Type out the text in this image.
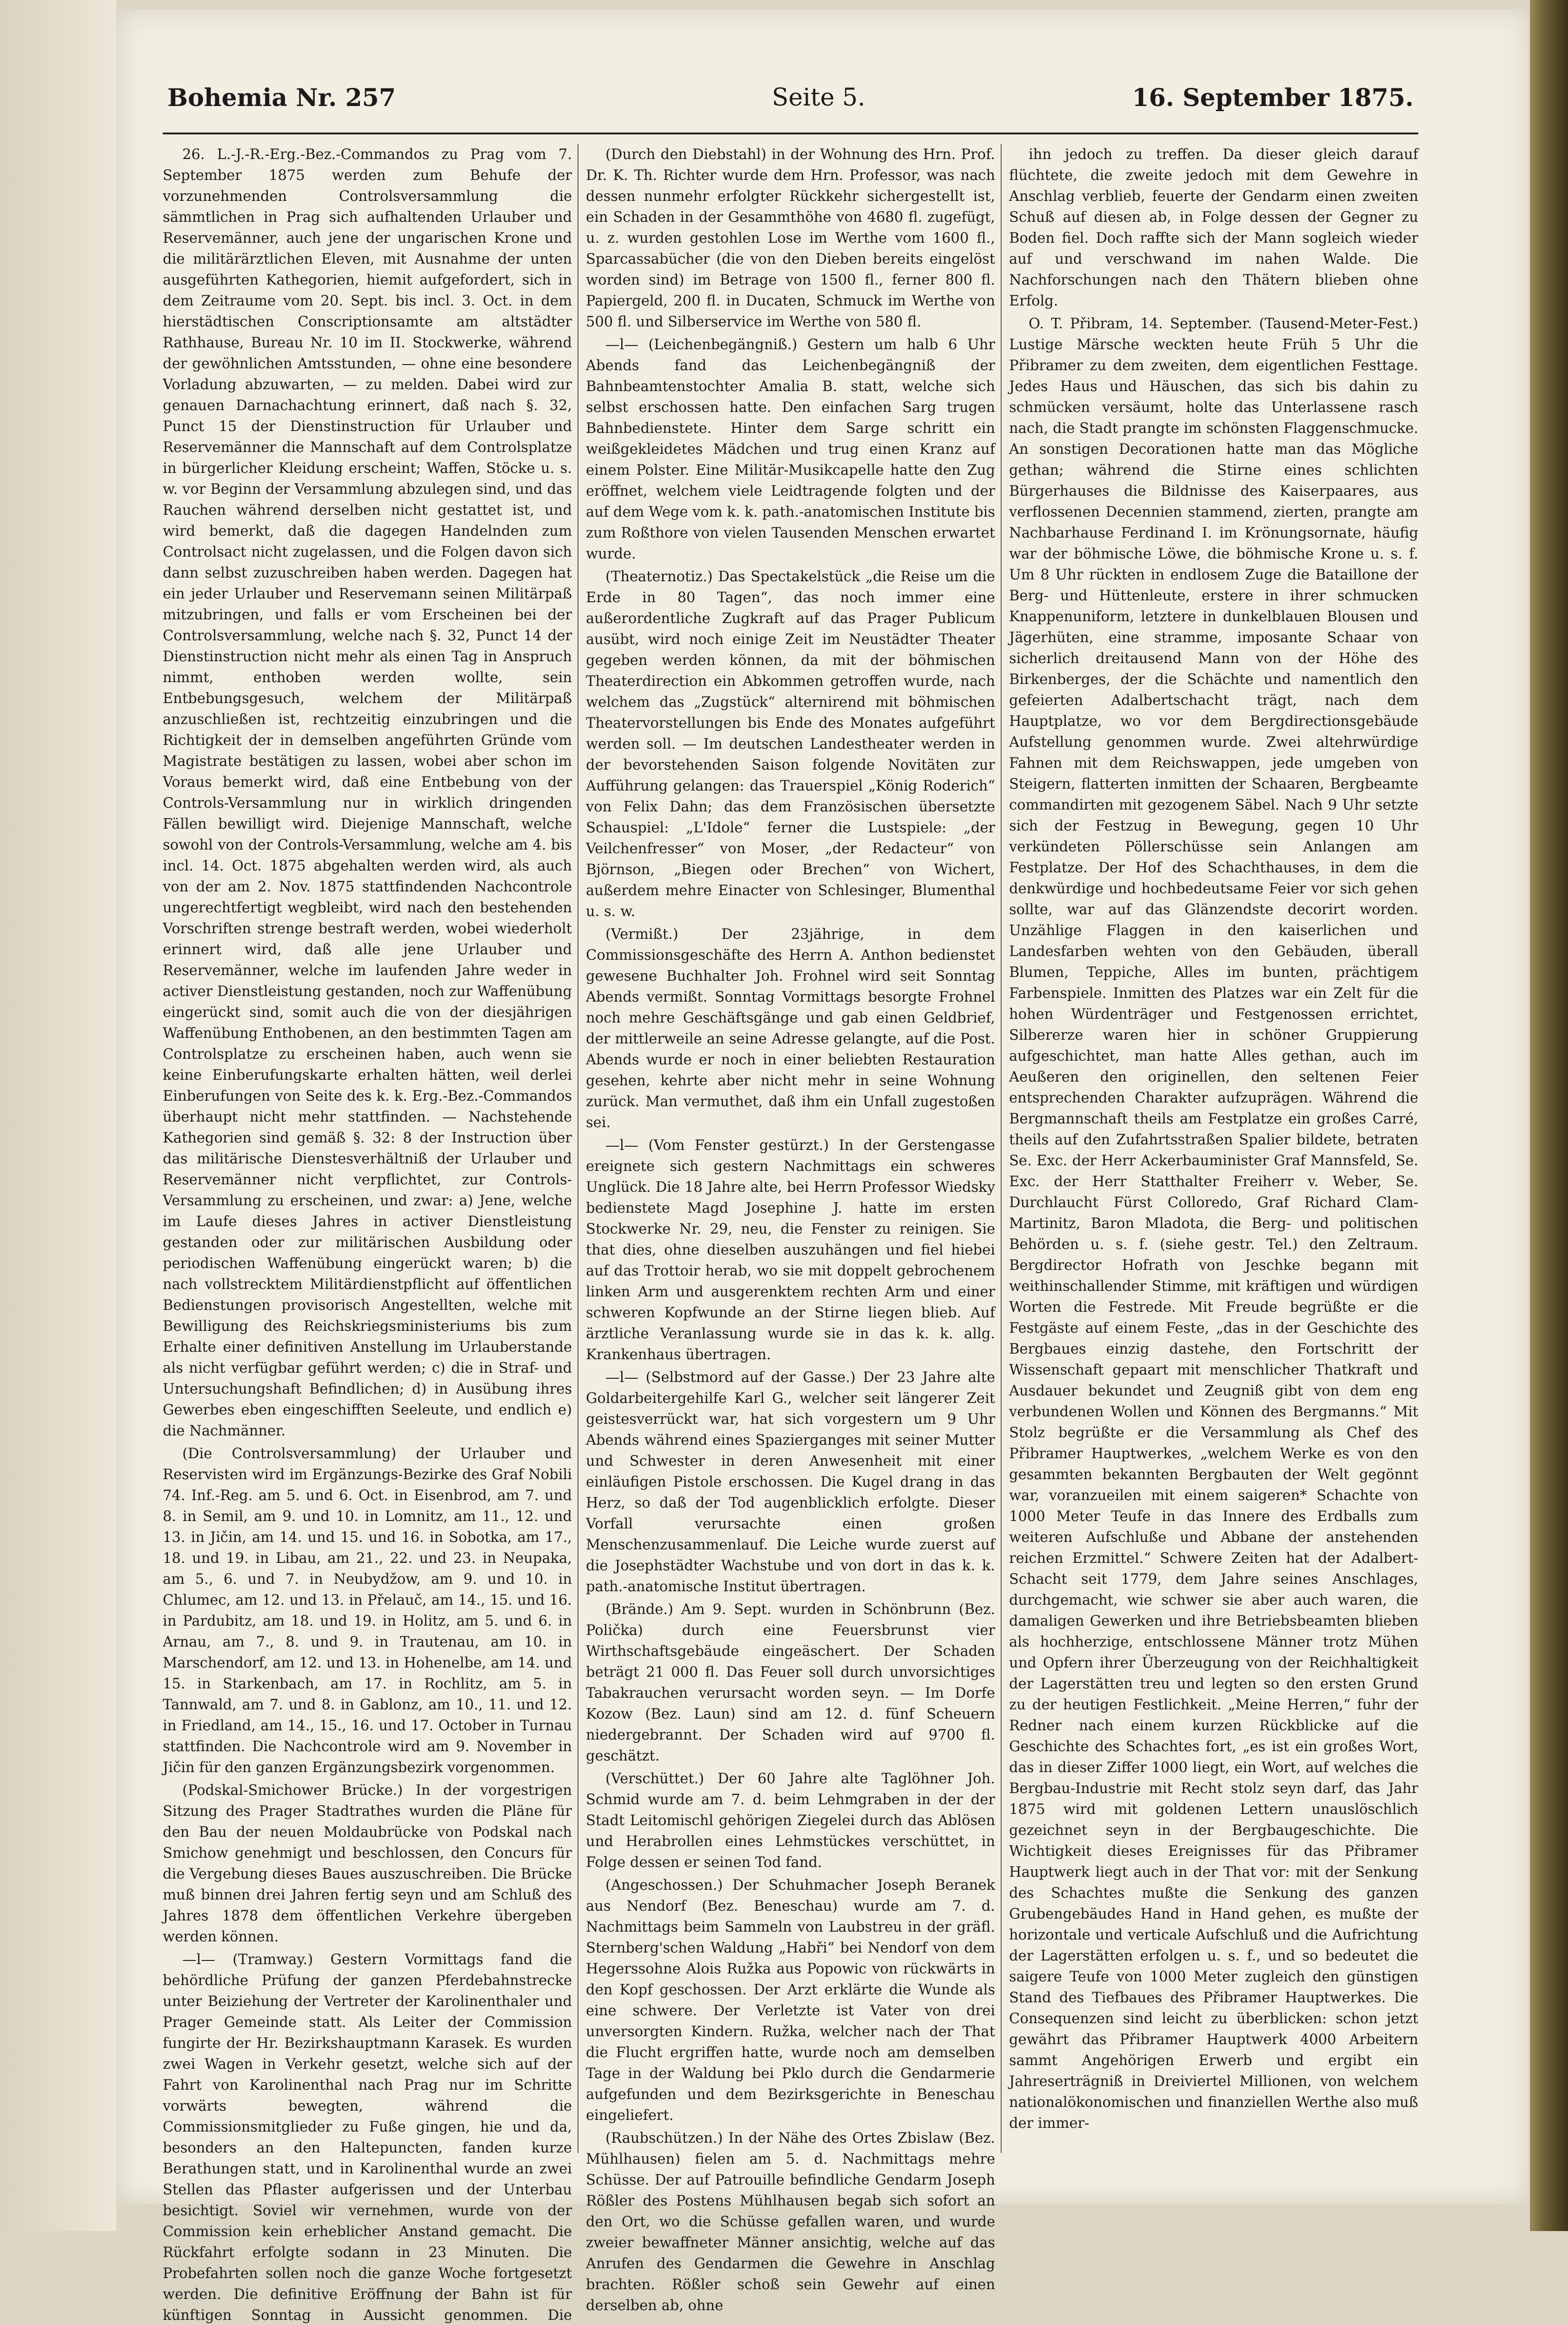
Bohemia Nr. 257	Seite 5.	16. September 1875.

26. L.-J.-R.-Erg.-Bez.-Commandos zu Prag vom 7. September 1875 werden zum Behufe der vorzunehmenden Controlsversammlung die sämmtlichen in Prag sich aufhaltenden Urlauber und Reservemänner, auch jene der ungarischen Krone und die militärärztlichen Eleven, mit Ausnahme der unten ausgeführten Kathegorien, hiemit aufgefordert, sich in dem Zeitraume vom 20. Sept. bis incl. 3. Oct. in dem hierstädtischen Conscriptionsamte am altstädter Rathhause, Bureau Nr. 10 im II. Stockwerke, während der gewöhnlichen Amtsstunden, — ohne eine besondere Vorladung abzuwarten, — zu melden. Dabei wird zur genauen Darnachachtung erinnert, daß nach §. 32, Punct 15 der Dienstinstruction für Urlauber und Reservemänner die Mannschaft auf dem Controlsplatze in bürgerlicher Kleidung erscheint; Waffen, Stöcke u. s. w. vor Beginn der Versammlung abzulegen sind, und das Rauchen während derselben nicht gestattet ist, und wird bemerkt, daß die dagegen Handelnden zum Controlsact nicht zugelassen, und die Folgen davon sich dann selbst zuzuschreiben haben werden. Dagegen hat ein jeder Urlauber und Reservemann seinen Militärpaß mitzubringen, und falls er vom Erscheinen bei der Controlsversammlung, welche nach §. 32, Punct 14 der Dienstinstruction nicht mehr als einen Tag in Anspruch nimmt, enthoben werden wollte, sein Entbebungsgesuch, welchem der Militärpaß anzuschließen ist, rechtzeitig einzubringen und die Richtigkeit der in demselben angeführten Gründe vom Magistrate bestätigen zu lassen, wobei aber schon im Voraus bemerkt wird, daß eine Entbebung von der Controls-Versammlung nur in wirklich dringenden Fällen bewilligt wird. Diejenige Mannschaft, welche sowohl von der Controls-Versammlung, welche am 4. bis incl. 14. Oct. 1875 abgehalten werden wird, als auch von der am 2. Nov. 1875 stattfindenden Nachcontrole ungerechtfertigt wegbleibt, wird nach den bestehenden Vorschriften strenge bestraft werden, wobei wiederholt erinnert wird, daß alle jene Urlauber und Reservemänner, welche im laufenden Jahre weder in activer Dienstleistung gestanden, noch zur Waffenübung eingerückt sind, somit auch die von der diesjährigen Waffenübung Enthobenen, an den bestimmten Tagen am Controlsplatze zu erscheinen haben, auch wenn sie keine Einberufungskarte erhalten hätten, weil derlei Einberufungen von Seite des k. k. Erg.-Bez.-Commandos überhaupt nicht mehr stattfinden. — Nachstehende Kathegorien sind gemäß §. 32: 8 der Instruction über das militärische Dienstesverhältniß der Urlauber und Reservemänner nicht verpflichtet, zur Controls-Versammlung zu erscheinen, und zwar: a) Jene, welche im Laufe dieses Jahres in activer Dienstleistung gestanden oder zur militärischen Ausbildung oder periodischen Waffenübung eingerückt waren; b) die nach vollstrecktem Militärdienstpflicht auf öffentlichen Bedienstungen provisorisch Angestellten, welche mit Bewilligung des Reichskriegsministeriums bis zum Erhalte einer definitiven Anstellung im Urlauberstande als nicht verfügbar geführt werden; c) die in Straf- und Untersuchungshaft Befindlichen; d) in Ausübung ihres Gewerbes eben eingeschifften Seeleute, und endlich e) die Nachmänner.

(Die Controlsversammlung) der Urlauber und Reservisten wird im Ergänzungs-Bezirke des Graf Nobili 74. Inf.-Reg. am 5. und 6. Oct. in Eisenbrod, am 7. und 8. in Semil, am 9. und 10. in Lomnitz, am 11., 12. und 13. in Jičin, am 14. und 15. und 16. in Sobotka, am 17., 18. und 19. in Libau, am 21., 22. und 23. in Neupaka, am 5., 6. und 7. in Neubydžow, am 9. und 10. in Chlumec, am 12. und 13. in Přelauč, am 14., 15. und 16. in Pardubitz, am 18. und 19. in Holitz, am 5. und 6. in Arnau, am 7., 8. und 9. in Trautenau, am 10. in Marschendorf, am 12. und 13. in Hohenelbe, am 14. und 15. in Starkenbach, am 17. in Rochlitz, am 5. in Tannwald, am 7. und 8. in Gablonz, am 10., 11. und 12. in Friedland, am 14., 15., 16. und 17. October in Turnau stattfinden. Die Nachcontrole wird am 9. November in Jičin für den ganzen Ergänzungsbezirk vorgenommen.

(Podskal-Smichower Brücke.) In der vorgestrigen Sitzung des Prager Stadtrathes wurden die Pläne für den Bau der neuen Moldaubrücke von Podskal nach Smichow genehmigt und beschlossen, den Concurs für die Vergebung dieses Baues auszuschreiben. Die Brücke muß binnen drei Jahren fertig seyn und am Schluß des Jahres 1878 dem öffentlichen Verkehre übergeben werden können.

—l— (Tramway.) Gestern Vormittags fand die behördliche Prüfung der ganzen Pferdebahnstrecke unter Beiziehung der Vertreter der Karolinenthaler und Prager Gemeinde statt. Als Leiter der Commission fungirte der Hr. Bezirkshauptmann Karasek. Es wurden zwei Wagen in Verkehr gesetzt, welche sich auf der Fahrt von Karolinenthal nach Prag nur im Schritte vorwärts bewegten, während die Commissionsmitglieder zu Fuße gingen, hie und da, besonders an den Haltepuncten, fanden kurze Berathungen statt, und in Karolinenthal wurde an zwei Stellen das Pflaster aufgerissen und der Unterbau besichtigt. Soviel wir vernehmen, wurde von der Commission kein erheblicher Anstand gemacht. Die Rückfahrt erfolgte sodann in 23 Minuten. Die Probefahrten sollen noch die ganze Woche fortgesetzt werden. Die definitive Eröffnung der Bahn ist für künftigen Sonntag in Aussicht genommen. Die

(Durch den Diebstahl) in der Wohnung des Hrn. Prof. Dr. K. Th. Richter wurde dem Hrn. Professor, was nach dessen nunmehr erfolgter Rückkehr sichergestellt ist, ein Schaden in der Gesammthöhe von 4680 fl. zugefügt, u. z. wurden gestohlen Lose im Werthe vom 1600 fl., Sparcassabücher (die von den Dieben bereits eingelöst worden sind) im Betrage von 1500 fl., ferner 800 fl. Papiergeld, 200 fl. in Ducaten, Schmuck im Werthe von 500 fl. und Silberservice im Werthe von 580 fl.

—l— (Leichenbegängniß.) Gestern um halb 6 Uhr Abends fand das Leichenbegängniß der Bahnbeamtenstochter Amalia B. statt, welche sich selbst erschossen hatte. Den einfachen Sarg trugen Bahnbedienstete. Hinter dem Sarge schritt ein weißgekleidetes Mädchen und trug einen Kranz auf einem Polster. Eine Militär-Musikcapelle hatte den Zug eröffnet, welchem viele Leidtragende folgten und der auf dem Wege vom k. k. path.-anatomischen Institute bis zum Roßthore von vielen Tausenden Menschen erwartet wurde.

(Theaternotiz.) Das Spectakelstück „die Reise um die Erde in 80 Tagen“, das noch immer eine außerordentliche Zugkraft auf das Prager Publicum ausübt, wird noch einige Zeit im Neustädter Theater gegeben werden können, da mit der böhmischen Theaterdirection ein Abkommen getroffen wurde, nach welchem das „Zugstück“ alternirend mit böhmischen Theatervorstellungen bis Ende des Monates aufgeführt werden soll. — Im deutschen Landestheater werden in der bevorstehenden Saison folgende Novitäten zur Aufführung gelangen: das Trauerspiel „König Roderich“ von Felix Dahn; das dem Französischen übersetzte Schauspiel: „L'Idole“ ferner die Lustspiele: „der Veilchenfresser“ von Moser, „der Redacteur“ von Björnson, „Biegen oder Brechen“ von Wichert, außerdem mehre Einacter von Schlesinger, Blumenthal u. s. w.

(Vermißt.) Der 23jährige, in dem Commissionsgeschäfte des Herrn A. Anthon bedienstet gewesene Buchhalter Joh. Frohnel wird seit Sonntag Abends vermißt. Sonntag Vormittags besorgte Frohnel noch mehre Geschäftsgänge und gab einen Geldbrief, der mittlerweile an seine Adresse gelangte, auf die Post. Abends wurde er noch in einer beliebten Restauration gesehen, kehrte aber nicht mehr in seine Wohnung zurück. Man vermuthet, daß ihm ein Unfall zugestoßen sei.

—l— (Vom Fenster gestürzt.) In der Gerstengasse ereignete sich gestern Nachmittags ein schweres Unglück. Die 18 Jahre alte, bei Herrn Professor Wiedsky bedienstete Magd Josephine J. hatte im ersten Stockwerke Nr. 29, neu, die Fenster zu reinigen. Sie that dies, ohne dieselben auszuhängen und fiel hiebei auf das Trottoir herab, wo sie mit doppelt gebrochenem linken Arm und ausgerenktem rechten Arm und einer schweren Kopfwunde an der Stirne liegen blieb. Auf ärztliche Veranlassung wurde sie in das k. k. allg. Krankenhaus übertragen.

—l— (Selbstmord auf der Gasse.) Der 23 Jahre alte Goldarbeitergehilfe Karl G., welcher seit längerer Zeit geistesverrückt war, hat sich vorgestern um 9 Uhr Abends während eines Spazierganges mit seiner Mutter und Schwester in deren Anwesenheit mit einer einläufigen Pistole erschossen. Die Kugel drang in das Herz, so daß der Tod augenblicklich erfolgte. Dieser Vorfall verursachte einen großen Menschenzusammenlauf. Die Leiche wurde zuerst auf die Josephstädter Wachstube und von dort in das k. k. path.-anatomische Institut übertragen.

(Brände.) Am 9. Sept. wurden in Schönbrunn (Bez. Polička) durch eine Feuersbrunst vier Wirthschaftsgebäude eingeäschert. Der Schaden beträgt 21 000 fl. Das Feuer soll durch unvorsichtiges Tabakrauchen verursacht worden seyn. — Im Dorfe Kozow (Bez. Laun) sind am 12. d. fünf Scheuern niedergebrannt. Der Schaden wird auf 9700 fl. geschätzt.

(Verschüttet.) Der 60 Jahre alte Taglöhner Joh. Schmid wurde am 7. d. beim Lehmgraben in der der Stadt Leitomischl gehörigen Ziegelei durch das Ablösen und Herabrollen eines Lehmstückes verschüttet, in Folge dessen er seinen Tod fand.

(Angeschossen.) Der Schuhmacher Joseph Beranek aus Nendorf (Bez. Beneschau) wurde am 7. d. Nachmittags beim Sammeln von Laubstreu in der gräfl. Sternberg'schen Waldung „Habři“ bei Nendorf von dem Hegerssohne Alois Ružka aus Popowic von rückwärts in den Kopf geschossen. Der Arzt erklärte die Wunde als eine schwere. Der Verletzte ist Vater von drei unversorgten Kindern. Ružka, welcher nach der That die Flucht ergriffen hatte, wurde noch am demselben Tage in der Waldung bei Pklo durch die Gendarmerie aufgefunden und dem Bezirksgerichte in Beneschau eingeliefert.

(Raubschützen.) In der Nähe des Ortes Zbislaw (Bez. Mühlhausen) fielen am 5. d. Nachmittags mehre Schüsse. Der auf Patrouille befindliche Gendarm Joseph Rößler des Postens Mühlhausen begab sich sofort an den Ort, wo die Schüsse gefallen waren, und wurde zweier bewaffneter Männer ansichtig, welche auf das Anrufen des Gendarmen die Gewehre in Anschlag brachten. Rößler schoß sein Gewehr auf einen derselben ab, ohne

ihn jedoch zu treffen. Da dieser gleich darauf flüchtete, die zweite jedoch mit dem Gewehre in Anschlag verblieb, feuerte der Gendarm einen zweiten Schuß auf diesen ab, in Folge dessen der Gegner zu Boden fiel. Doch raffte sich der Mann sogleich wieder auf und verschwand im nahen Walde. Die Nachforschungen nach den Thätern blieben ohne Erfolg.

O. T. Přibram, 14. September. (Tausend-Meter-Fest.) Lustige Märsche weckten heute Früh 5 Uhr die Přibramer zu dem zweiten, dem eigentlichen Festtage. Jedes Haus und Häuschen, das sich bis dahin zu schmücken versäumt, holte das Unterlassene rasch nach, die Stadt prangte im schönsten Flaggenschmucke. An sonstigen Decorationen hatte man das Mögliche gethan; während die Stirne eines schlichten Bürgerhauses die Bildnisse des Kaiserpaares, aus verflossenen Decennien stammend, zierten, prangte am Nachbarhause Ferdinand I. im Krönungsornate, häufig war der böhmische Löwe, die böhmische Krone u. s. f. Um 8 Uhr rückten in endlosem Zuge die Bataillone der Berg- und Hüttenleute, erstere in ihrer schmucken Knappenuniform, letztere in dunkelblauen Blousen und Jägerhüten, eine stramme, imposante Schaar von sicherlich dreitausend Mann von der Höhe des Birkenberges, der die Schächte und namentlich den gefeierten Adalbertschacht trägt, nach dem Hauptplatze, wo vor dem Bergdirectionsgebäude Aufstellung genommen wurde. Zwei altehrwürdige Fahnen mit dem Reichswappen, jede umgeben von Steigern, flatterten inmitten der Schaaren, Bergbeamte commandirten mit gezogenem Säbel. Nach 9 Uhr setzte sich der Festzug in Bewegung, gegen 10 Uhr verkündeten Pöllerschüsse sein Anlangen am Festplatze. Der Hof des Schachthauses, in dem die denkwürdige und hochbedeutsame Feier vor sich gehen sollte, war auf das Glänzendste decorirt worden. Unzählige Flaggen in den kaiserlichen und Landesfarben wehten von den Gebäuden, überall Blumen, Teppiche, Alles im bunten, prächtigem Farbenspiele. Inmitten des Platzes war ein Zelt für die hohen Würdenträger und Festgenossen errichtet, Silbererze waren hier in schöner Gruppierung aufgeschichtet, man hatte Alles gethan, auch im Aeußeren den originellen, den seltenen Feier entsprechenden Charakter aufzuprägen. Während die Bergmannschaft theils am Festplatze ein großes Carré, theils auf den Zufahrtsstraßen Spalier bildete, betraten Se. Exc. der Herr Ackerbauminister Graf Mannsfeld, Se. Exc. der Herr Statthalter Freiherr v. Weber, Se. Durchlaucht Fürst Colloredo, Graf Richard Clam-Martinitz, Baron Mladota, die Berg- und politischen Behörden u. s. f. (siehe gestr. Tel.) den Zeltraum. Bergdirector Hofrath von Jeschke begann mit weithinschallender Stimme, mit kräftigen und würdigen Worten die Festrede. Mit Freude begrüßte er die Festgäste auf einem Feste, „das in der Geschichte des Bergbaues einzig dastehe, den Fortschritt der Wissenschaft gepaart mit menschlicher Thatkraft und Ausdauer bekundet und Zeugniß gibt von dem eng verbundenen Wollen und Können des Bergmanns.“ Mit Stolz begrüßte er die Versammlung als Chef des Přibramer Hauptwerkes, „welchem Werke es von den gesammten bekannten Bergbauten der Welt gegönnt war, voranzueilen mit einem saigeren* Schachte von 1000 Meter Teufe in das Innere des Erdballs zum weiteren Aufschluße und Abbane der anstehenden reichen Erzmittel.“ Schwere Zeiten hat der Adalbert-Schacht seit 1779, dem Jahre seines Anschlages, durchgemacht, wie schwer sie aber auch waren, die damaligen Gewerken und ihre Betriebsbeamten blieben als hochherzige, entschlossene Männer trotz Mühen und Opfern ihrer Überzeugung von der Reichhaltigkeit der Lagerstätten treu und legten so den ersten Grund zu der heutigen Festlichkeit. „Meine Herren,“ fuhr der Redner nach einem kurzen Rückblicke auf die Geschichte des Schachtes fort, „es ist ein großes Wort, das in dieser Ziffer 1000 liegt, ein Wort, auf welches die Bergbau-Industrie mit Recht stolz seyn darf, das Jahr 1875 wird mit goldenen Lettern unauslöschlich gezeichnet seyn in der Bergbaugeschichte. Die Wichtigkeit dieses Ereignisses für das Přibramer Hauptwerk liegt auch in der That vor: mit der Senkung des Schachtes mußte die Senkung des ganzen Grubengebäudes Hand in Hand gehen, es mußte der horizontale und verticale Aufschluß und die Aufrichtung der Lagerstätten erfolgen u. s. f., und so bedeutet die saigere Teufe von 1000 Meter zugleich den günstigen Stand des Tiefbaues des Přibramer Hauptwerkes. Die Consequenzen sind leicht zu überblicken: schon jetzt gewährt das Přibramer Hauptwerk 4000 Arbeitern sammt Angehörigen Erwerb und ergibt ein Jahreserträgniß in Dreiviertel Millionen, von welchem nationalökonomischen und finanziellen Werthe also muß der immer-
